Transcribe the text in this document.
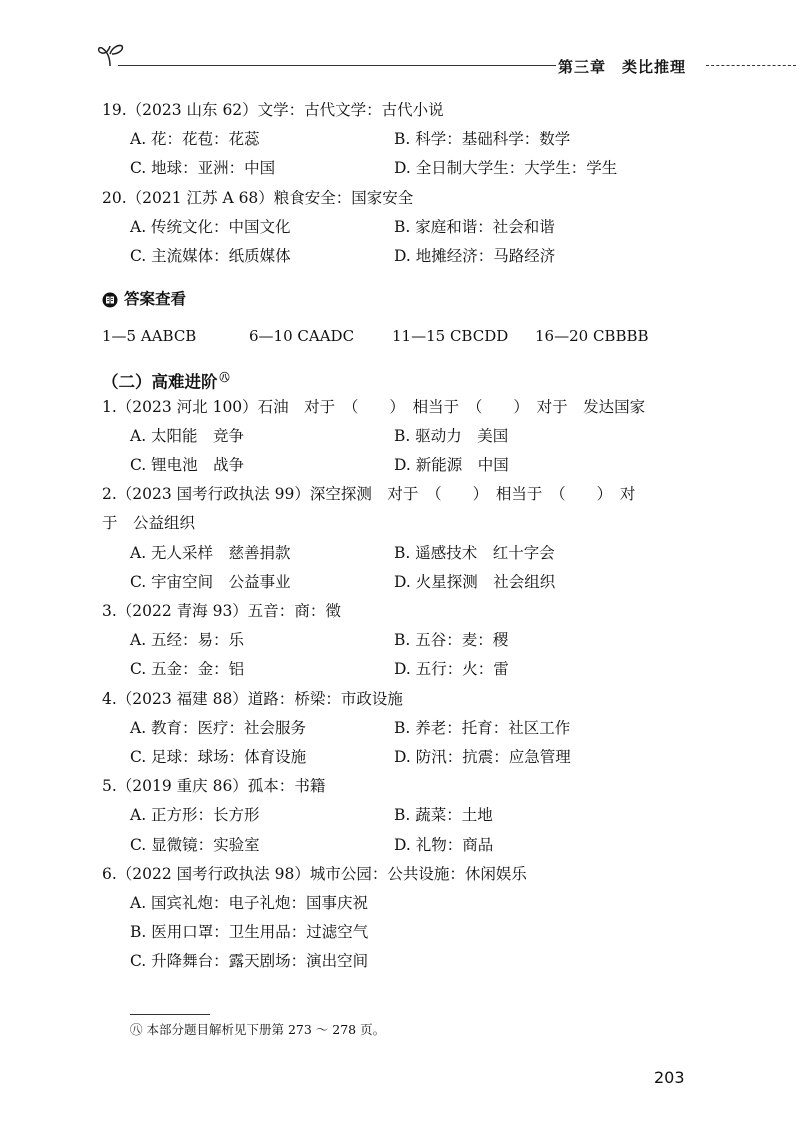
第三章　类比推理
19.（2023 山东 62）文学：古代文学：古代小说
A. 花：花苞：花蕊	B. 科学：基础科学：数学
C. 地球：亚洲：中国	D. 全日制大学生：大学生：学生
20.（2021 江苏 A 68）粮食安全：国家安全
A. 传统文化：中国文化	B. 家庭和谐：社会和谐
C. 主流媒体：纸质媒体	D. 地摊经济：马路经济
答案查看
1—5 AABCB	6—10 CAADC	11—15 CBCDD	16—20 CBBBB
（二）高难进阶 $^㊇$
1.（2023 河北 100）石油　对于　（　　）　相当于　（　　）　对于　发达国家
A. 太阳能　竞争	B. 驱动力　美国
C. 锂电池　战争	D. 新能源　中国
2.（2023 国考行政执法 99）深空探测　对于　（　　）　相当于　（　　）　对
于　公益组织
A. 无人采样　慈善捐款	B. 遥感技术　红十字会
C. 宇宙空间　公益事业	D. 火星探测　社会组织
3.（2022 青海 93）五音：商：徵
A. 五经：易：乐	B. 五谷：麦：稷
C. 五金：金：铝	D. 五行：火：雷
4.（2023 福建 88）道路：桥梁：市政设施
A. 教育：医疗：社会服务	B. 养老：托育：社区工作
C. 足球：球场：体育设施	D. 防汛：抗震：应急管理
5.（2019 重庆 86）孤本：书籍
A. 正方形：长方形	B. 蔬菜：土地
C. 显微镜：实验室	D. 礼物：商品
6.（2022 国考行政执法 98）城市公园：公共设施：休闲娱乐
A. 国宾礼炮：电子礼炮：国事庆祝
B. 医用口罩：卫生用品：过滤空气
C. 升降舞台：露天剧场：演出空间
㊇ 本部分题目解析见下册第 273 ～ 278 页。
203
